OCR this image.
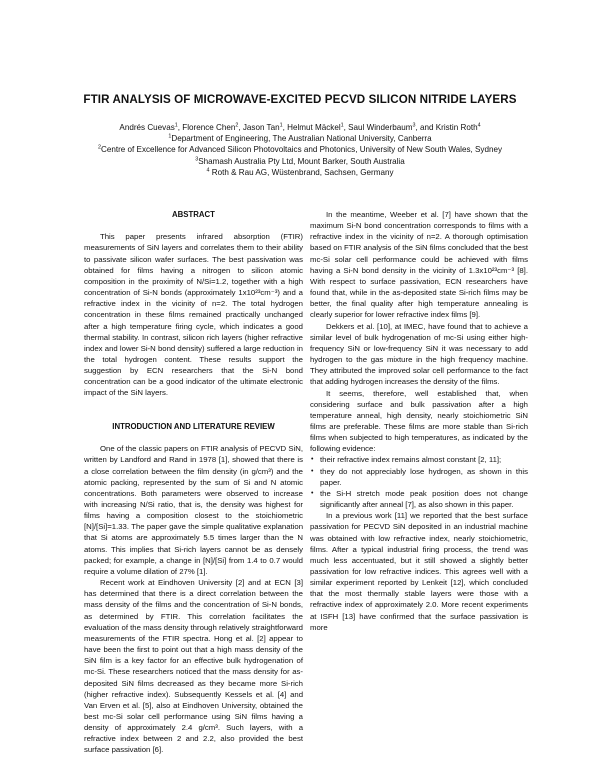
FTIR ANALYSIS OF MICROWAVE-EXCITED PECVD SILICON NITRIDE LAYERS
Andrés Cuevas$^1$, Florence Chen$^2$, Jason Tan$^1$, Helmut Mäckel$^1$, Saul Winderbaum$^3$, and Kristin Roth$^4$
$^1$Department of Engineering, The Australian National University, Canberra
$^2$Centre of Excellence for Advanced Silicon Photovoltaics and Photonics, University of New South Wales, Sydney
$^3$Shamash Australia Pty Ltd, Mount Barker, South Australia
$^4$ Roth & Rau AG, Wüstenbrand, Sachsen, Germany
ABSTRACT

This paper presents infrared absorption (FTIR) measurements of SiN layers and correlates them to their ability to passivate silicon wafer surfaces. The best passivation was obtained for films having a nitrogen to silicon atomic composition in the proximity of N/Si=1.2, together with a high concentration of Si-N bonds (approximately 1x10²³cm⁻³) and a refractive index in the vicinity of n=2. The total hydrogen concentration in these films remained practically unchanged after a high temperature firing cycle, which indicates a good thermal stability. In contrast, silicon rich layers (higher refractive index and lower Si-N bond density) suffered a large reduction in the total hydrogen content. These results support the suggestion by ECN researchers that the Si-N bond concentration can be a good indicator of the ultimate electronic impact of the SiN layers.

INTRODUCTION AND LITERATURE REVIEW

One of the classic papers on FTIR analysis of PECVD SiN, written by Landford and Rand in 1978 [1], showed that there is a close correlation between the film density (in g/cm³) and the atomic packing, represented by the sum of Si and N atomic concentrations. Both parameters were observed to increase with increasing N/Si ratio, that is, the density was highest for films having a composition closest to the stoichiometric [N]/[Si]=1.33. The paper gave the simple qualitative explanation that Si atoms are approximately 5.5 times larger than the N atoms. This implies that Si-rich layers cannot be as densely packed; for example, a change in [N]/[Si] from 1.4 to 0.7 would require a volume dilation of 27% [1].

Recent work at Eindhoven University [2] and at ECN [3] has determined that there is a direct correlation between the mass density of the films and the concentration of Si-N bonds, as determined by FTIR. This correlation facilitates the evaluation of the mass density through relatively straightforward measurements of the FTIR spectra. Hong et al. [2] appear to have been the first to point out that a high mass density of the SiN film is a key factor for an effective bulk hydrogenation of mc-Si. These researchers noticed that the mass density for as-deposited SiN films decreased as they became more Si-rich (higher refractive index). Subsequently Kessels et al. [4] and Van Erven et al. [5], also at Eindhoven University, obtained the best mc-Si solar cell performance using SiN films having a density of approximately 2.4 g/cm³. Such layers, with a refractive index between 2 and 2.2, also provided the best surface passivation [6].

In the meantime, Weeber et al. [7] have shown that the maximum Si-N bond concentration corresponds to films with a refractive index in the vicinity of n=2. A thorough optimisation based on FTIR analysis of the SiN films concluded that the best mc-Si solar cell performance could be achieved with films having a Si-N bond density in the vicinity of 1.3x10²³cm⁻³ [8]. With respect to surface passivation, ECN researchers have found that, while in the as-deposited state Si-rich films may be better, the final quality after high temperature annealing is clearly superior for lower refractive index films [9].

Dekkers et al. [10], at IMEC, have found that to achieve a similar level of bulk hydrogenation of mc-Si using either high-frequency SiN or low-frequency SiN it was necessary to add hydrogen to the gas mixture in the high frequency machine. They attributed the improved solar cell performance to the fact that adding hydrogen increases the density of the films.

It seems, therefore, well established that, when considering surface and bulk passivation after a high temperature anneal, high density, nearly stoichiometric SiN films are preferable. These films are more stable than Si-rich films when subjected to high temperatures, as indicated by the following evidence:

• their refractive index remains almost constant [2, 11];
• they do not appreciably lose hydrogen, as shown in this paper.
• the Si-H stretch mode peak position does not change significantly after anneal [7], as also shown in this paper.

In a previous work [11] we reported that the best surface passivation for PECVD SiN deposited in an industrial machine was obtained with low refractive index, nearly stoichiometric, films. After a typical industrial firing process, the trend was much less accentuated, but it still showed a slightly better passivation for low refractive indices. This agrees well with a similar experiment reported by Lenkeit [12], which concluded that the most thermally stable layers were those with a refractive index of approximately 2.0. More recent experiments at ISFH [13] have confirmed that the surface passivation is more
